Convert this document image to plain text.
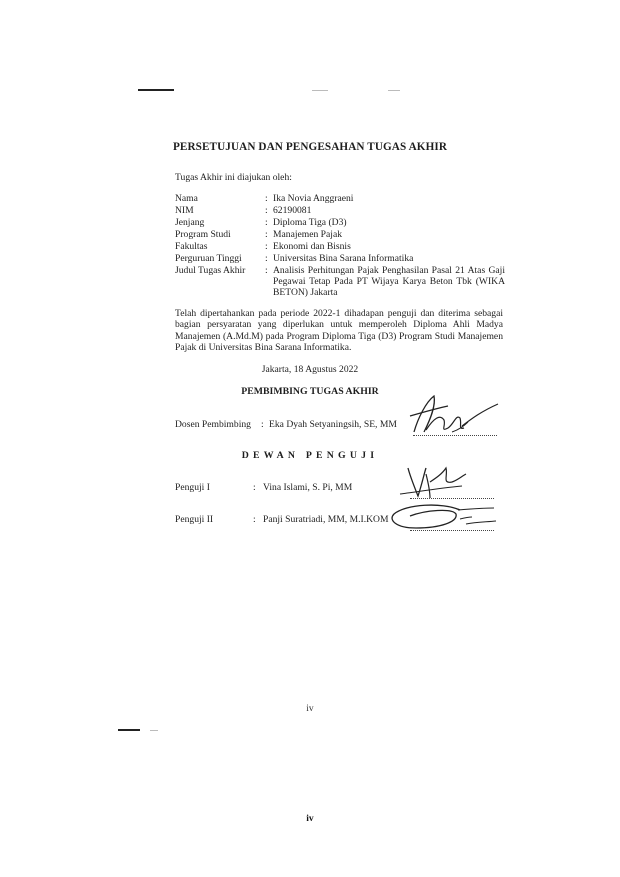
PERSETUJUAN DAN PENGESAHAN TUGAS AKHIR
Tugas Akhir ini diajukan oleh:
Nama	: Ika Novia Anggraeni
NIM	: 62190081
Jenjang	: Diploma Tiga (D3)
Program Studi	: Manajemen Pajak
Fakultas	: Ekonomi dan Bisnis
Perguruan Tinggi : Universitas Bina Sarana Informatika
Judul Tugas Akhir : Analisis Perhitungan Pajak Penghasilan Pasal 21 Atas Gaji Pegawai Tetap Pada PT Wijaya Karya Beton Tbk (WIKA BETON) Jakarta
Telah dipertahankan pada periode 2022-1 dihadapan penguji dan diterima sebagai bagian persyaratan yang diperlukan untuk memperoleh Diploma Ahli Madya Manajemen (A.Md.M) pada Program Diploma Tiga (D3) Program Studi Manajemen Pajak di Universitas Bina Sarana Informatika.
Jakarta, 18 Agustus 2022
PEMBIMBING TUGAS AKHIR
Dosen Pembimbing : Eka Dyah Setyaningsih, SE, MM
DEWAN PENGUJI
Penguji I	: Vina Islami, S. Pi, MM
Penguji II	: Panji Suratriadi, MM, M.I.KOM
iv
iv
